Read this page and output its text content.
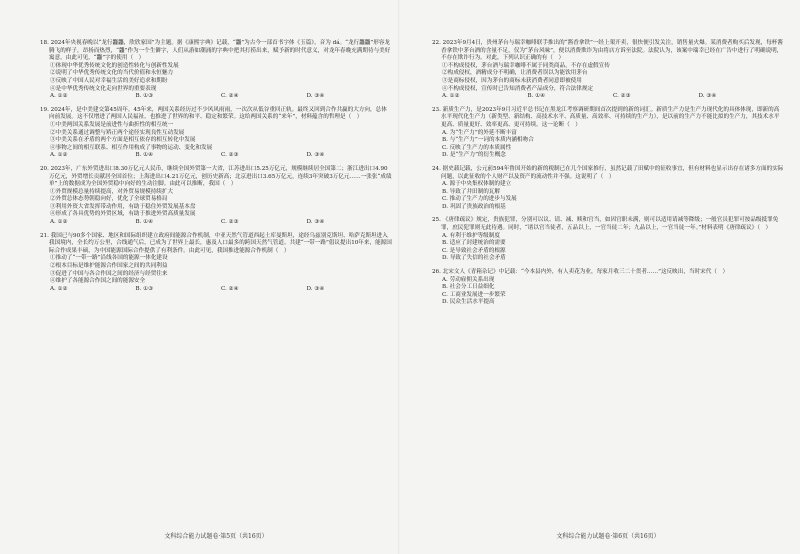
18. 2024年央视春晚以“龙行龘龘，欣欣家国”为主题。据《康熙字典》记载，“龘”为古今一部首书字体《玉篇》，音为 dá。“龙行龘龘”形容龙腾飞的样子，昂扬而热烈，“龘”作为一个生僻字，人们从游如潮涌的字典中把其打捞出来，赋予新的时代意义，对龙年春晚充满期待与美好寓意。由此可见，“龘”字的使用（　）
①体现中华优秀传统文化的创造性转化与创新性发展
②说明了中华优秀传统文化的当代价值和永恒魅力
③反映了中国人民对幸福生活的美好追求和期盼
④是中华优秀传统文化走向世界的重要表现
A. ①②	B. ①③	C. ②④	D. ③④
19. 2024年，是中美建交第45周年。45年来，两国关系经历过不少风风雨雨，一次次从低谷重回正轨。最终又回到合作共赢的大方向，总体向前发展。这不仅增进了两国人民福祉，也推进了世界的和平、稳定和繁荣。这给两国关系的“来年”，材料蕴含的哲理是（　）
①中美两国关系发展是前进性与曲折性的相互统一
②中美关系通过调整与矫正两个途径实现良性互动发展
③中美关系在矛盾的两个方面是相互依存的相互转化中发展
④事物之间的相互联系、相互作用构成了事物的运动、变化和发展
A. ①②	B. ①④	C. ②③	D. ③④
20. 2023年，广东外贸进出口8.30万亿元人民币，继续全国外贸第一大省，江苏进出口5.25万亿元，规模继续居全国第二；浙江进出口4.90万亿元，外贸增长贡献居全国首位；上海进出口4.21万亿元，创历史新高；北京进出口3.65万亿元，连续3年突破3万亿元……一张张“成绩单”上的数据成为全国外贸稳中向好的生动注脚。由此可以推断，我国（　）
①外贸规模总量持续提高，对外贸易规模持续扩大
②外贸总体态势朝稳向好，优化了全球贸易格局
③利用外资大省发挥带动作用，有助于稳住外贸发展基本盘
④形成了各具优势的外贸区域，有助于推进外贸高质量发展
A. ①②	B. ①④	C. ②③	D. ③④
21. 我国已与90多个国家、地区和国际组织建立政府间能源合作机制，中亚天然气管道西起土库曼斯坦，途经乌兹别克斯坦、哈萨克斯坦进入我国境内，全长约万公里，合线通气后，已成为了世界上最长，惠及人口最多的跨国天然气管道。共建“一带一路”倡议提出10年来，能源国际合作成果丰硕，为中国能源国际合作提供了有利条件。由此可见，我国推进能源合作机制（　）
①推动了“一带一路”沿线各国的能源一体化建设
②根本目标是维护能源合作国家之间的共同利益
③促进了中国与各合作国之间的经济与经贸往来
④维护了各能源合作国之间的能源安全
A. ①②	B. ①③	C. ②④	D. ③④
22. 2023年9月4日，贵州茅台与瑞幸咖啡联手推出的“酱香拿铁”一经上架开卖，很快便引发关注，销售量火爆。某消费者购买后发现，每杯酱香拿铁中茅台酒的含量不足，仅为“茅台风味”，便以消费欺诈为由将店方诉至法院。法院认为，该案中瑞幸已经在广告中进行了明确说明，不存在欺诈行为。对此，下列认识正确的有（　）
①不构成侵权，茅台酒与瑞幸咖啡不属于同类商品，不存在虚假宣传
②构成侵权，酒精成分不明确，让消费者误以为能饮用茅台
③是商标侵权，因为茅台的商标未获消费者同意即被使用
④不构成侵权，宣传时已告知消费者产品成分，符合法律规定
A. ①②	B. ①④	C. ②③	D. ③④
23. 新质生产力，是2023年9月习近平总书记在黑龙江考察调研期间首次提到的新的词汇。新质生产力是生产力现代化的具体体现，即新的高水平现代化生产力（新类型、新结构、高技术水平、高质量、高效率、可持续的生产力），是以前的生产力不能比拟的生产力，其技术水平更高、质量更好、效率更高、更可持续。这一论断（　）
A. 为“生产力”的外延不断丰富
B. 与“生产力”一词的本质内涵相吻合
C. 反映了生产力的本质属性
D. 是“生产力”的衍生概念
24. 据史载记载，公元前594年鲁国开始的新的税制已在几个国家推行，虽然记载了田赋中的征收事宜，但有材料也显示出存在诸多方面的实际问题，以此征收的个人财产以及资产的流动性并不强。这说明了（　）
A. 源于中央集权体制的建立
B. 导致了井田制的瓦解
C. 推动了生产力的进步与发展
D. 巩固了贵族政治的根基
25. 《唐律疏议》规定，贵族犯罪，分别可以议、请、减、赎和官当，如因官职未满，则可以适用请减等降级；一般官员犯罪可按品级抵罪免罪，庶民犯罪则无此待遇。同时，“诸以官当徒者，五品以上，一官当徒二年；九品以上，一官当徒一年。”材料表明《唐律疏议》（　）
A. 有利于维护等级制度
B. 适应了封建统治的需要
C. 是导致社会矛盾的根源
D. 导致了失信的社会矛盾
26. 北宋文人《青箱杂记》中记载：“今本县内外，有人卖花为业，每家月收三二十贯者……”这反映出，当时宋代（　）
A. 劳动雇佣关系出现
B. 社会分工日益细化
C. 工商业发展进一步繁荣
D. 民众生活水平提高
文科综合能力试题卷·第5页（共16页）	文科综合能力试题卷·第6页（共16页）
